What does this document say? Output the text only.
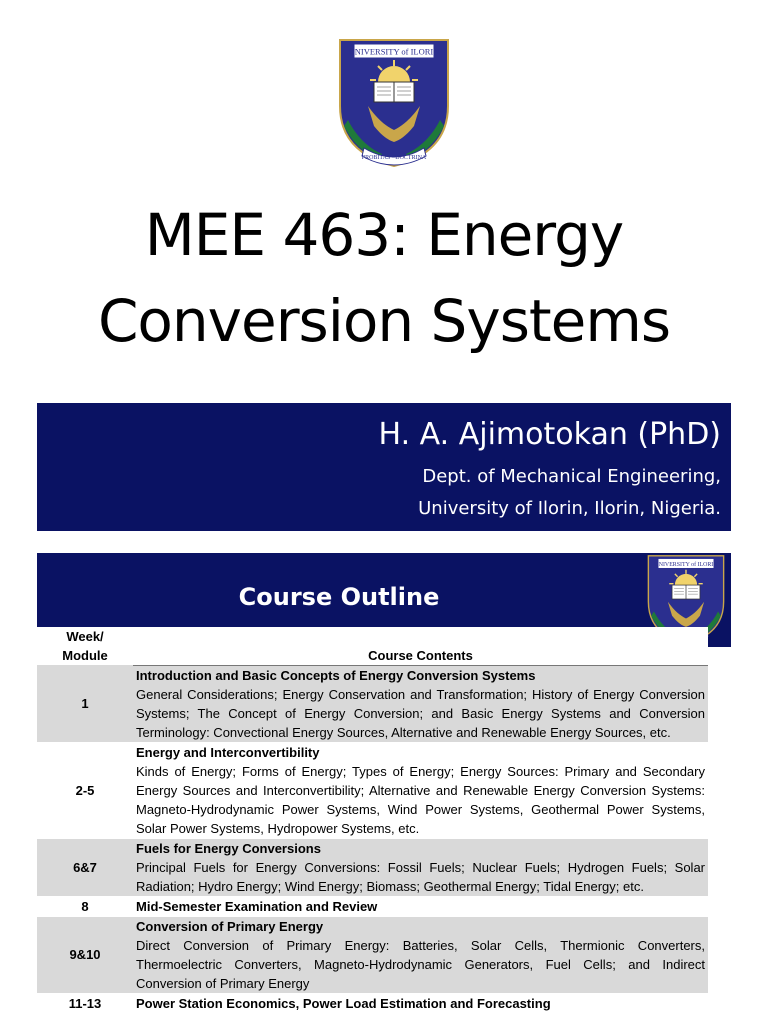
MEE 463: Energy
Conversion Systems
H. A. Ajimotokan (PhD)
Dept. of Mechanical Engineering,
University of Ilorin, Ilorin, Nigeria.
Course Outline
Week/
Module	Course Contents
1	Introduction and Basic Concepts of Energy Conversion Systems
General Considerations; Energy Conservation and Transformation; History of Energy Conversion Systems; The Concept of Energy Conversion; and Basic Energy Systems and Conversion Terminology: Convectional Energy Sources, Alternative and Renewable Energy Sources, etc.

2-5	Energy and Interconvertibility
Kinds of Energy; Forms of Energy; Types of Energy; Energy Sources: Primary and Secondary Energy Sources and Interconvertibility; Alternative and Renewable Energy Conversion Systems: Magneto-Hydrodynamic Power Systems, Wind Power Systems, Geothermal Power Systems, Solar Power Systems, Hydropower Systems, etc.

6&7	Fuels for Energy Conversions
Principal Fuels for Energy Conversions: Fossil Fuels; Nuclear Fuels; Hydrogen Fuels; Solar Radiation; Hydro Energy; Wind Energy; Biomass; Geothermal Energy; Tidal Energy; etc.

8	Mid-Semester Examination and Review

9&10	Conversion of Primary Energy
Direct Conversion of Primary Energy: Batteries, Solar Cells, Thermionic Converters, Thermoelectric Converters, Magneto-Hydrodynamic Generators, Fuel Cells; and Indirect Conversion of Primary Energy

11-13	Power Station Economics, Power Load Estimation and Forecasting
